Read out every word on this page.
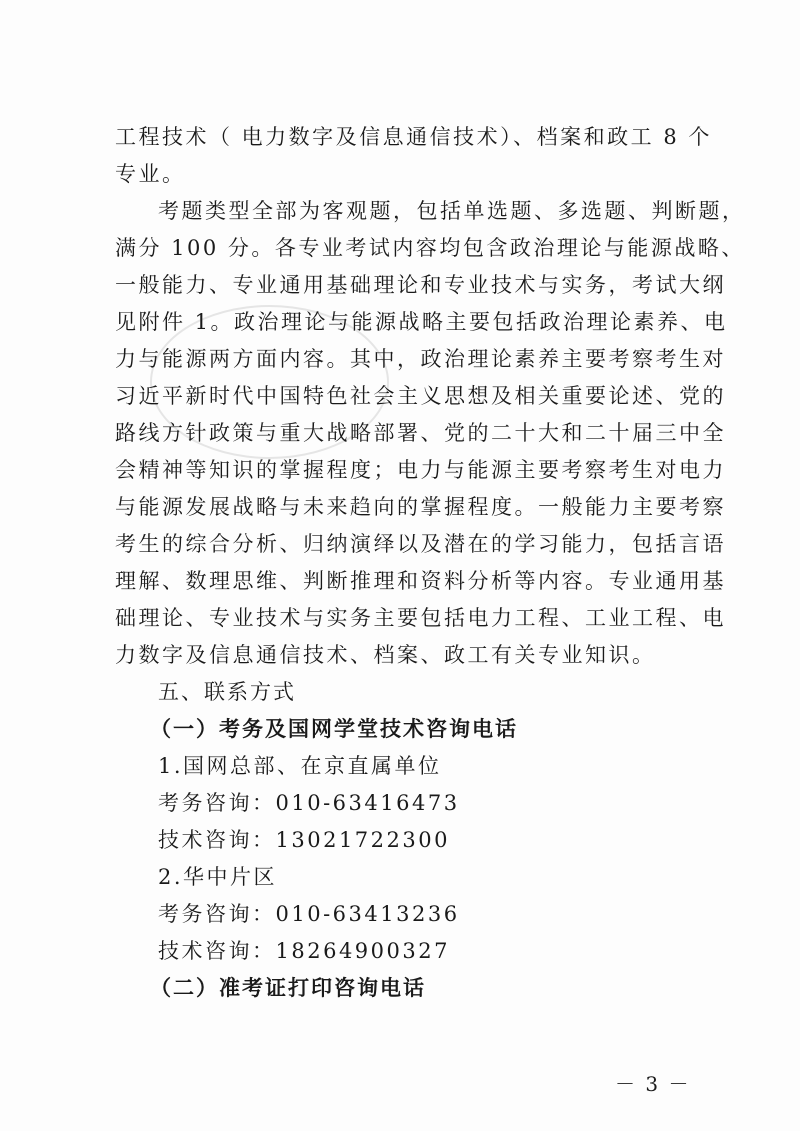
工程技术（ 电力数字及信息通信技术）、档案和政工 8 个
专业。
考题类型全部为客观题，包括单选题、多选题、判断题，
满分 100 分。各专业考试内容均包含政治理论与能源战略、
一般能力、专业通用基础理论和专业技术与实务，考试大纲
见附件 1。政治理论与能源战略主要包括政治理论素养、电
力与能源两方面内容。其中，政治理论素养主要考察考生对
习近平新时代中国特色社会主义思想及相关重要论述、党的
路线方针政策与重大战略部署、党的二十大和二十届三中全
会精神等知识的掌握程度；电力与能源主要考察考生对电力
与能源发展战略与未来趋向的掌握程度。一般能力主要考察
考生的综合分析、归纳演绎以及潜在的学习能力，包括言语
理解、数理思维、判断推理和资料分析等内容。专业通用基
础理论、专业技术与实务主要包括电力工程、工业工程、电
力数字及信息通信技术、档案、政工有关专业知识。
五、联系方式
（一）考务及国网学堂技术咨询电话
1.国网总部、在京直属单位
考务咨询：010-63416473
技术咨询：13021722300
2.华中片区
考务咨询：010-63413236
技术咨询：18264900327
（二）准考证打印咨询电话
－ 3 －
